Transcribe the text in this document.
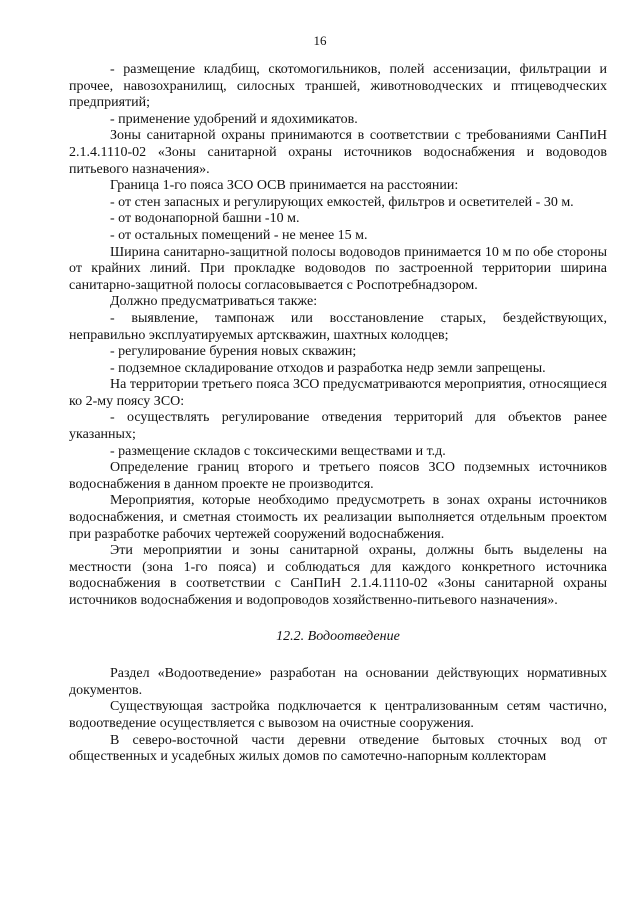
16

- размещение кладбищ, скотомогильников, полей ассенизации, фильтрации и прочее, навозохранилищ, силосных траншей, животноводческих и птицеводческих предприятий;

- применение удобрений и ядохимикатов.

Зоны санитарной охраны принимаются в соответствии с требованиями СанПиН 2.1.4.1110-02 «Зоны санитарной охраны источников водоснабжения и водоводов питьевого назначения».

Граница 1-го пояса ЗСО ОСВ принимается на расстоянии:

- от стен запасных и регулирующих емкостей, фильтров и осветителей - 30 м.

- от водонапорной башни -10 м.

- от остальных помещений - не менее 15 м.

Ширина санитарно-защитной полосы водоводов принимается 10 м по обе стороны от крайних линий. При прокладке водоводов по застроенной территории ширина санитарно-защитной полосы согласовывается с Роспотребнадзором.

Должно предусматриваться также:

- выявление, тампонаж или восстановление старых, бездействующих, неправильно эксплуатируемых артскважин, шахтных колодцев;

- регулирование бурения новых скважин;

- подземное складирование отходов и разработка недр земли запрещены.

На территории третьего пояса ЗСО предусматриваются мероприятия, относящиеся ко 2-му поясу ЗСО:

- осуществлять регулирование отведения территорий для объектов ранее указанных;

- размещение складов с токсическими веществами и т.д.

Определение границ второго и третьего поясов ЗСО подземных источников водоснабжения в данном проекте не производится.

Мероприятия, которые необходимо предусмотреть в зонах охраны источников водоснабжения, и сметная стоимость их реализации выполняется отдельным проектом при разработке рабочих чертежей сооружений водоснабжения.

Эти мероприятии и зоны санитарной охраны, должны быть выделены на местности (зона 1-го пояса) и соблюдаться для каждого конкретного источника водоснабжения в соответствии с СанПиН 2.1.4.1110-02 «Зоны санитарной охраны источников водоснабжения и водопроводов хозяйственно-питьевого назначения».

12.2. Водоотведение

Раздел «Водоотведение» разработан на основании действующих нормативных документов.

Существующая застройка подключается к централизованным сетям частично, водоотведение осуществляется с вывозом на очистные сооружения.

В северо-восточной части деревни отведение бытовых сточных вод от общественных и усадебных жилых домов по самотечно-напорным коллекторам
